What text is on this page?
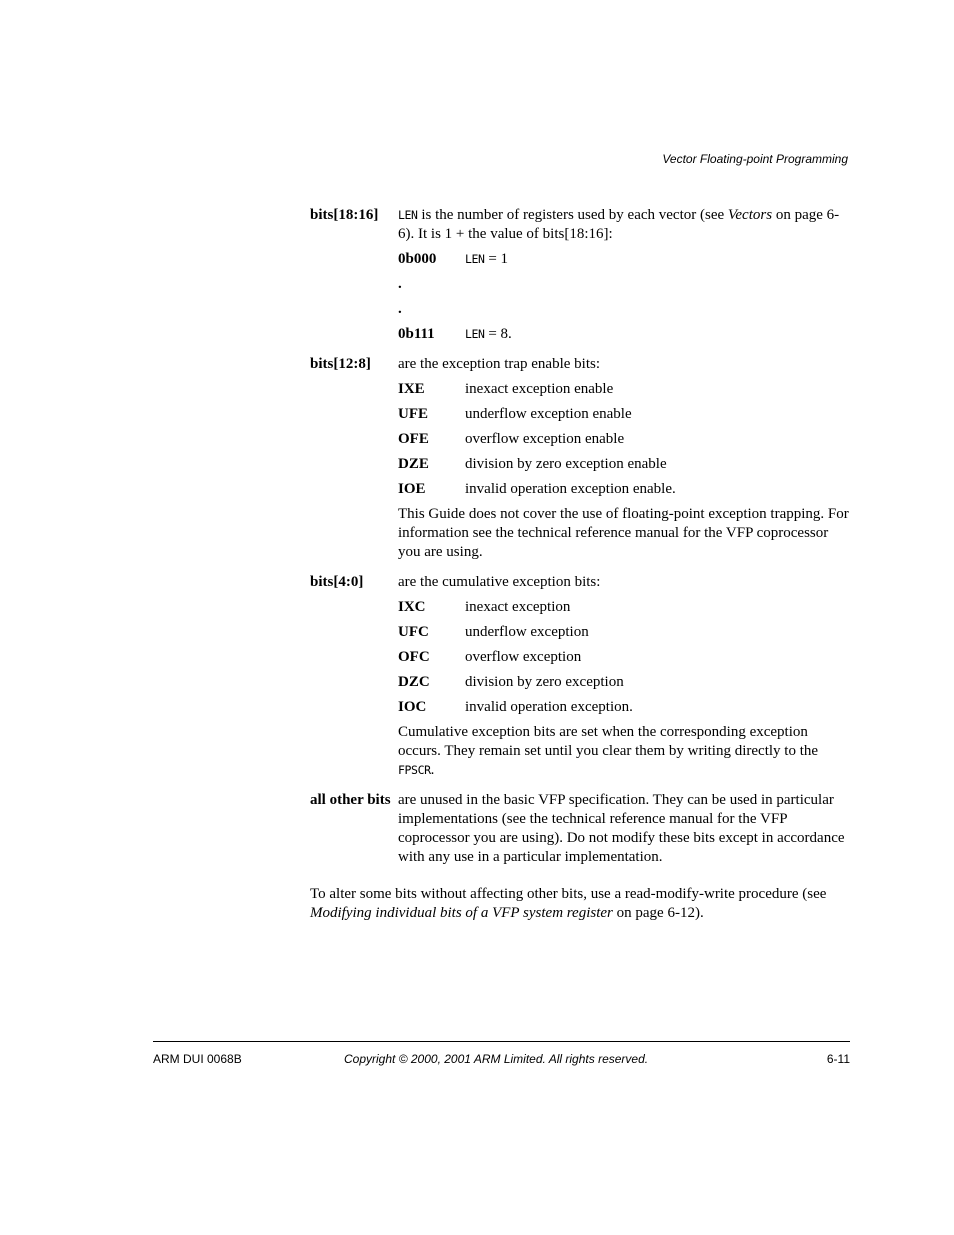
Vector Floating-point Programming
bits[18:16] LEN is the number of registers used by each vector (see Vectors on page 6-6). It is 1 + the value of bits[18:16]:

0b000 LEN = 1
.
.
0b111	LEN = 8.
bits[12:8] are the exception trap enable bits:

IXE	inexact exception enable
UFE underflow exception enable
OFE overflow exception enable
DZE division by zero exception enable
IOE	invalid operation exception enable.

This Guide does not cover the use of floating-point exception trapping. For information see the technical reference manual for the VFP coprocessor you are using.

bits[4:0] are the cumulative exception bits:

IXC	inexact exception
UFC underflow exception
OFC overflow exception
DZC division by zero exception
IOC	invalid operation exception.

Cumulative exception bits are set when the corresponding exception occurs. They remain set until you clear them by writing directly to the FPSCR.

all other bits are unused in the basic VFP specification. They can be used in particular implementations (see the technical reference manual for the VFP coprocessor you are using). Do not modify these bits except in accordance with any use in a particular implementation.

To alter some bits without affecting other bits, use a read-modify-write procedure (see Modifying individual bits of a VFP system register on page 6-12).

ARM DUI 0068B	Copyright © 2000, 2001 ARM Limited. All rights reserved.	6-11
